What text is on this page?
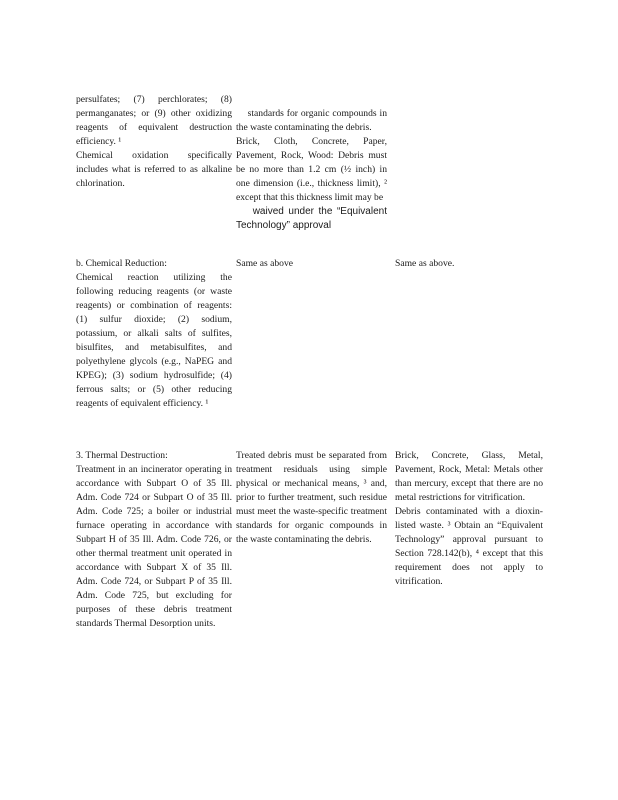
persulfates; (7) perchlorates; (8) permanganates; or (9) other oxidizing reagents of equivalent destruction efficiency. ¹
Chemical oxidation specifically includes what is referred to as alkaline chlorination.

standards for organic compounds in the waste contaminating the debris.
Brick, Cloth, Concrete, Paper, Pavement, Rock, Wood: Debris must be no more than 1.2 cm (½ inch) in one dimension (i.e., thickness limit), ² except that this thickness limit may be
waived under the “Equivalent Technology” approval

b. Chemical Reduction:
Chemical reaction utilizing the following reducing reagents (or waste reagents) or combination of reagents: (1) sulfur dioxide; (2) sodium, potassium, or alkali salts of sulfites, bisulfites, and metabisulfites, and polyethylene glycols (e.g., NaPEG and KPEG); (3) sodium hydrosulfide; (4) ferrous salts; or (5) other reducing reagents of equivalent efficiency. ¹
Same as above	Same as above.
3. Thermal Destruction:
Treatment in an incinerator operating in accordance with Subpart O of 35 Ill. Adm. Code 724 or Subpart O of 35 Ill. Adm. Code 725; a boiler or industrial furnace operating in accordance with Subpart H of 35 Ill. Adm. Code 726, or other thermal treatment unit operated in accordance with Subpart X of 35 Ill. Adm. Code 724, or Subpart P of 35 Ill. Adm. Code 725, but excluding for purposes of these debris treatment standards Thermal Desorption units.
Treated debris must be separated from treatment residuals using simple physical or mechanical means, ³ and, prior to further treatment, such residue must meet the waste-specific treatment standards for organic compounds in the waste contaminating the debris.
Brick, Concrete, Glass, Metal, Pavement, Rock, Metal: Metals other than mercury, except that there are no metal restrictions for vitrification.
Debris contaminated with a dioxin-listed waste. ³ Obtain an “Equivalent Technology” approval pursuant to Section 728.142(b), ⁴ except that this requirement does not apply to vitrification.
